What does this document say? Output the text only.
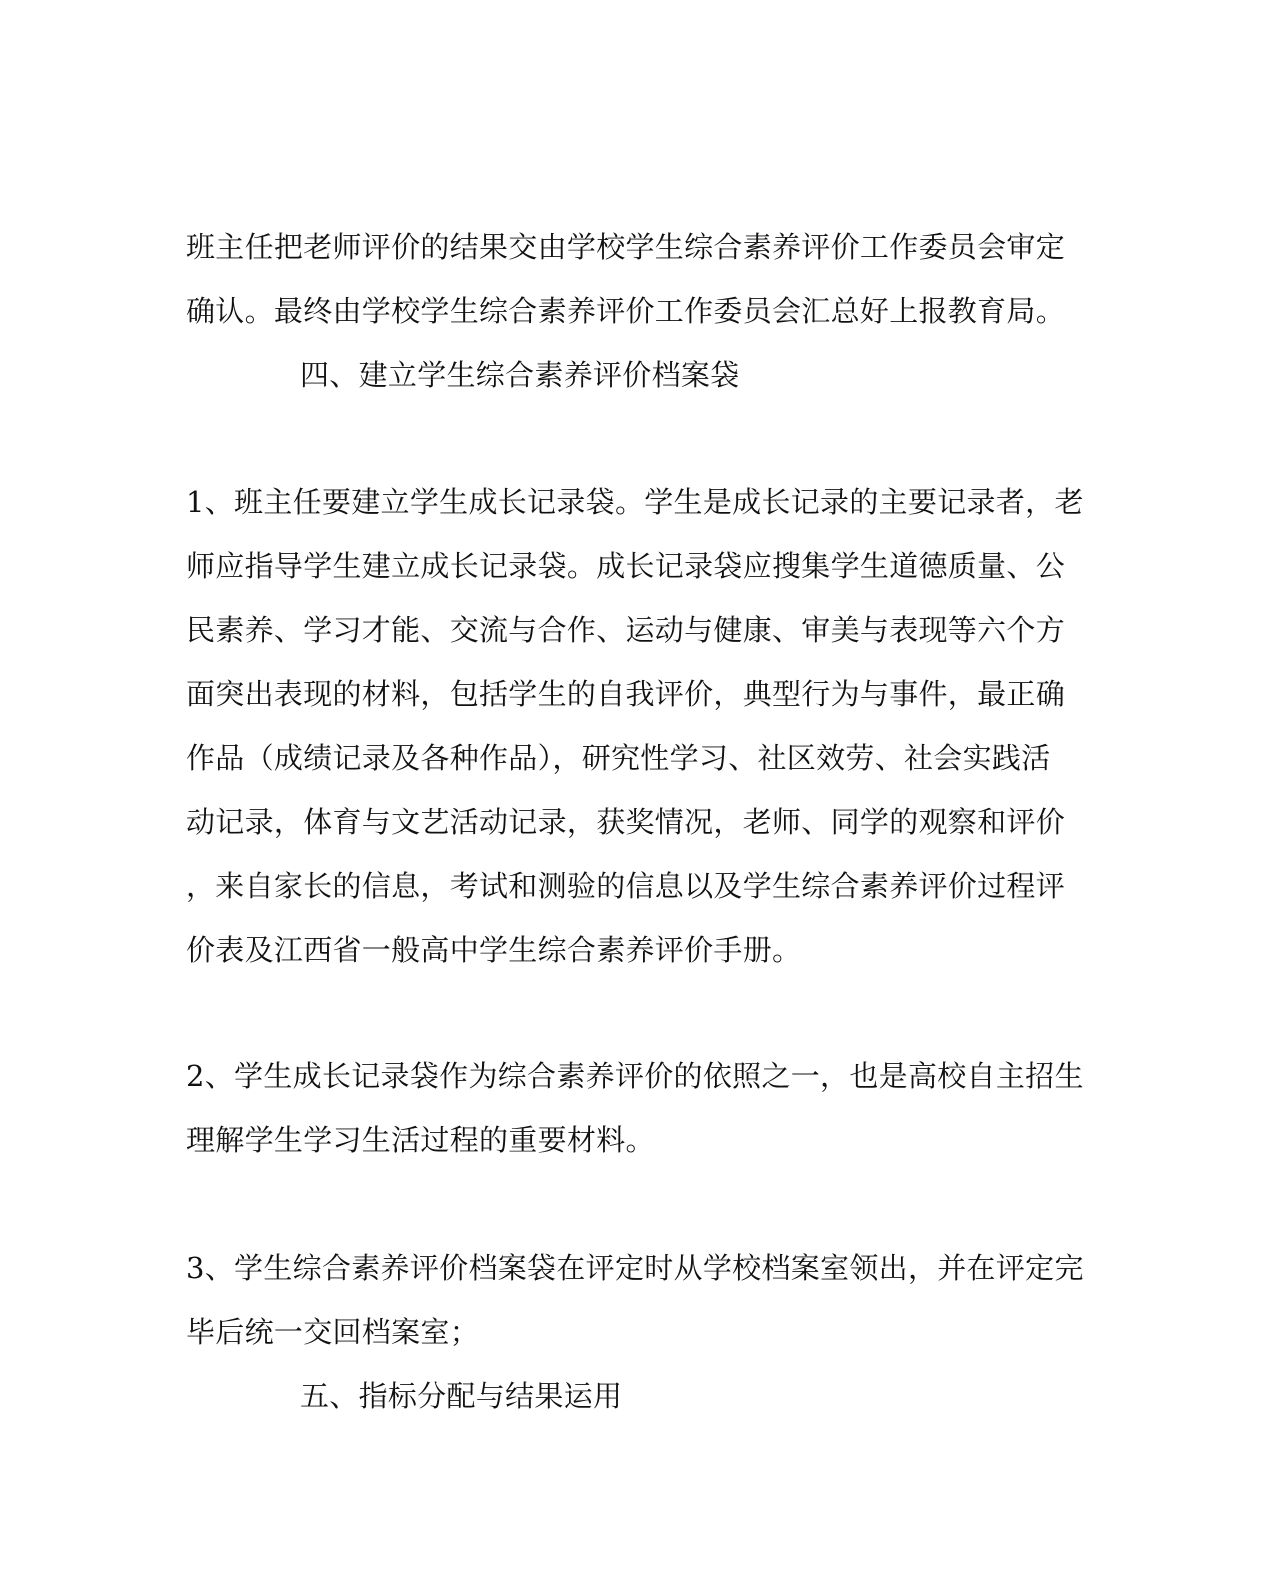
班主任把老师评价的结果交由学校学生综合素养评价工作委员会审定
确认。最终由学校学生综合素养评价工作委员会汇总好上报教育局。
四、建立学生综合素养评价档案袋
1、班主任要建立学生成长记录袋。学生是成长记录的主要记录者，老
师应指导学生建立成长记录袋。成长记录袋应搜集学生道德质量、公
民素养、学习才能、交流与合作、运动与健康、审美与表现等六个方
面突出表现的材料，包括学生的自我评价，典型行为与事件，最正确
作品（成绩记录及各种作品），研究性学习、社区效劳、社会实践活
动记录，体育与文艺活动记录，获奖情况，老师、同学的观察和评价
，来自家长的信息，考试和测验的信息以及学生综合素养评价过程评
价表及江西省一般高中学生综合素养评价手册。
2、学生成长记录袋作为综合素养评价的依照之一，也是高校自主招生
理解学生学习生活过程的重要材料。
3、学生综合素养评价档案袋在评定时从学校档案室领出，并在评定完
毕后统一交回档案室；
五、指标分配与结果运用
